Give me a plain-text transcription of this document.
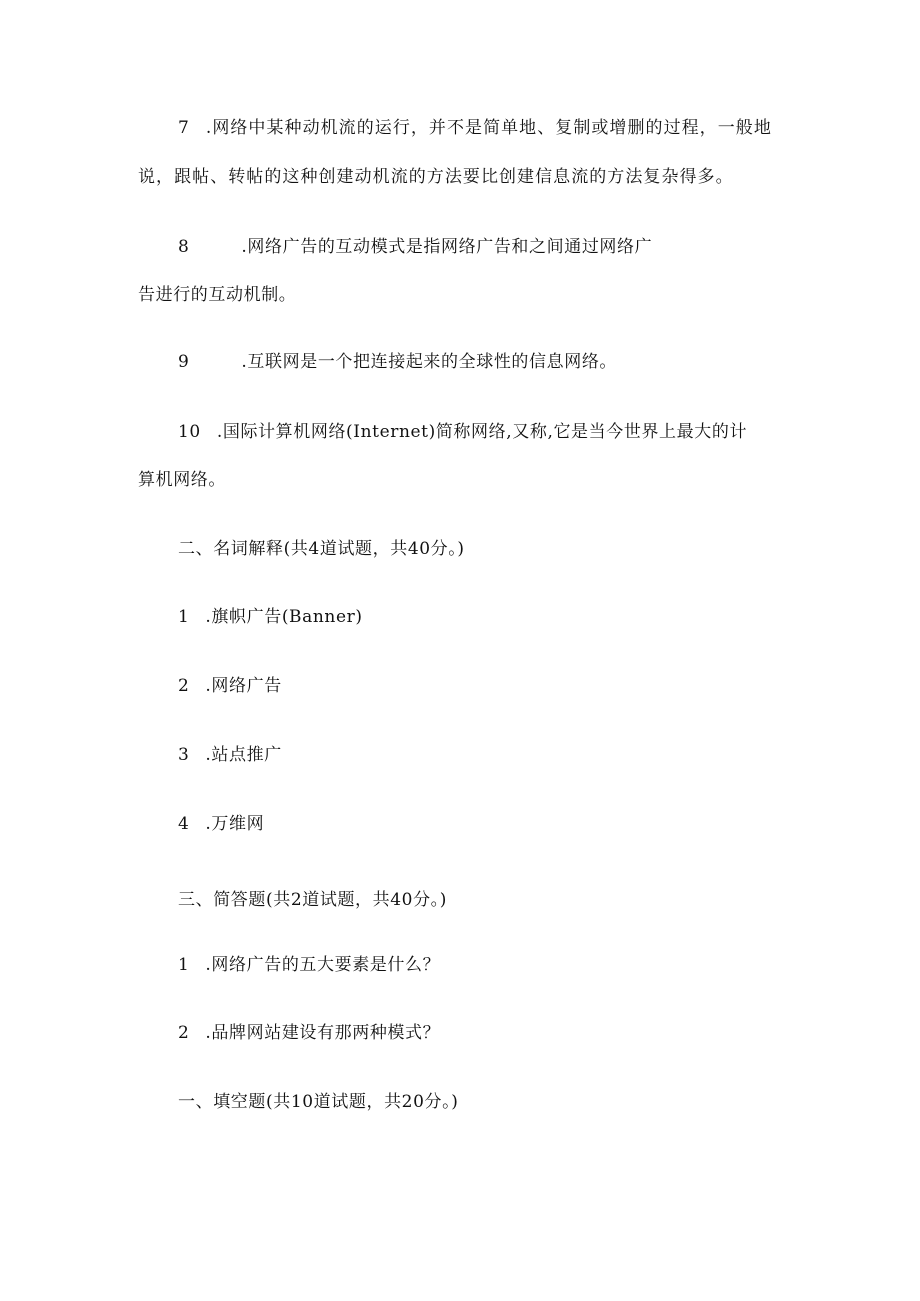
7 .网络中某种动机流的运行，并不是简单地、复制或增删的过程，一般地
说，跟帖、转帖的这种创建动机流的方法要比创建信息流的方法复杂得多。
8	.网络广告的互动模式是指网络广告和之间通过网络广
告进行的互动机制。
9	.互联网是一个把连接起来的全球性的信息网络。
10 .国际计算机网络(Internet)简称网络,又称,它是当今世界上最大的计
算机网络。
二、名词解释(共4道试题，共40分。)
1 .旗帜广告(Banner)
2 .网络广告
3 .站点推广
4 .万维网
三、简答题(共2道试题，共40分。)
1 .网络广告的五大要素是什么？
2 .品牌网站建设有那两种模式？
一、填空题(共10道试题，共20分。)
